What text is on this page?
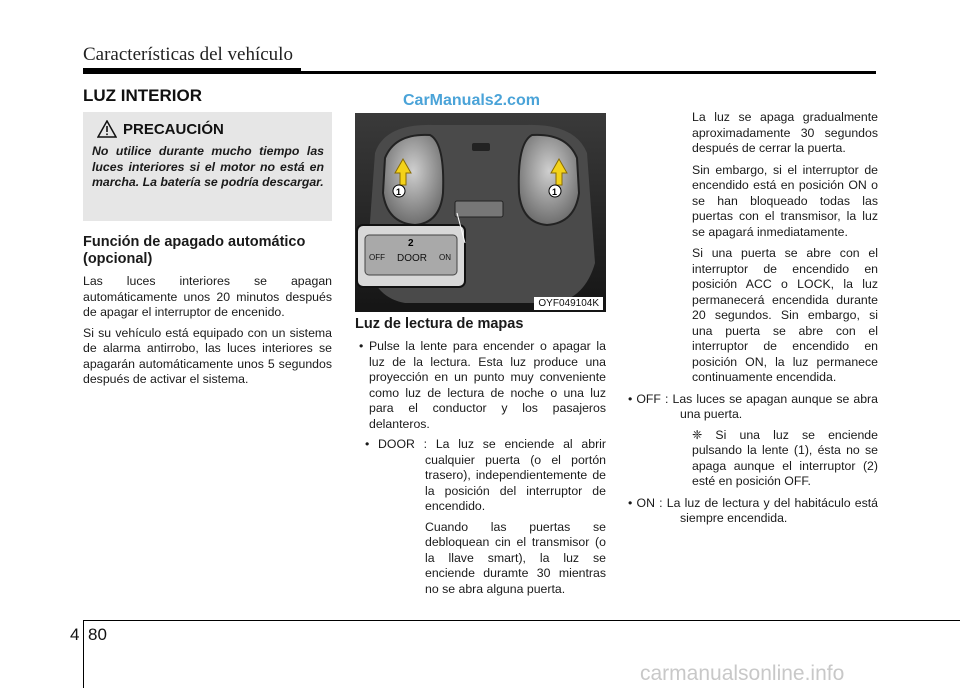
Características del vehículo
LUZ INTERIOR	CarManuals2.com
PRECAUCIÓN
No utilice durante mucho tiempo las luces interiores si el motor no está en marcha. La batería se podría descargar.
Función de apagado automático (opcional)

Las luces interiores se apagan automáticamente unos 20 minutos después de apagar el interruptor de encenido.

Si su vehículo está equipado con un sistema de alarma antirrobo, las luces interiores se apagarán automáticamente unos 5 segundos después de activar el sistema.

1	1
OFF DOOR ON
2
OYF049104K
Luz de lectura de mapas

• Pulse la lente para encender o apagar la luz de la lectura. Esta luz produce una proyección en un punto muy conveniente como luz de lectura de noche o una luz para el conductor y los pasajeros delanteros.

• DOOR : La luz se enciende al abrir cualquier puerta (o el portón trasero), independientemente de la posición del interruptor de encendido.

Cuando las puertas se debloquean cin el transmisor (o la llave smart), la luz se enciende duramte 30 mientras no se abra alguna puerta.

La luz se apaga gradualmente aproximadamente 30 segundos después de cerrar la puerta.

Sin embargo, si el interruptor de encendido está en posición ON o se han bloqueado todas las puertas con el transmisor, la luz se apagará inmediatamente.

Si una puerta se abre con el interruptor de encendido en posición ACC o LOCK, la luz permanecerá encendida durante 20 segundos. Sin embargo, si una puerta se abre con el interruptor de encendido en posición ON, la luz permanece continuamente encendida.

• OFF : Las luces se apagan aunque se abra una puerta.

❈ Si una luz se enciende pulsando la lente (1), ésta no se apaga aunque el interruptor (2) esté en posición OFF.

• ON : La luz de lectura y del habitáculo está siempre encendida.

4 80
carmanualsonline.info
